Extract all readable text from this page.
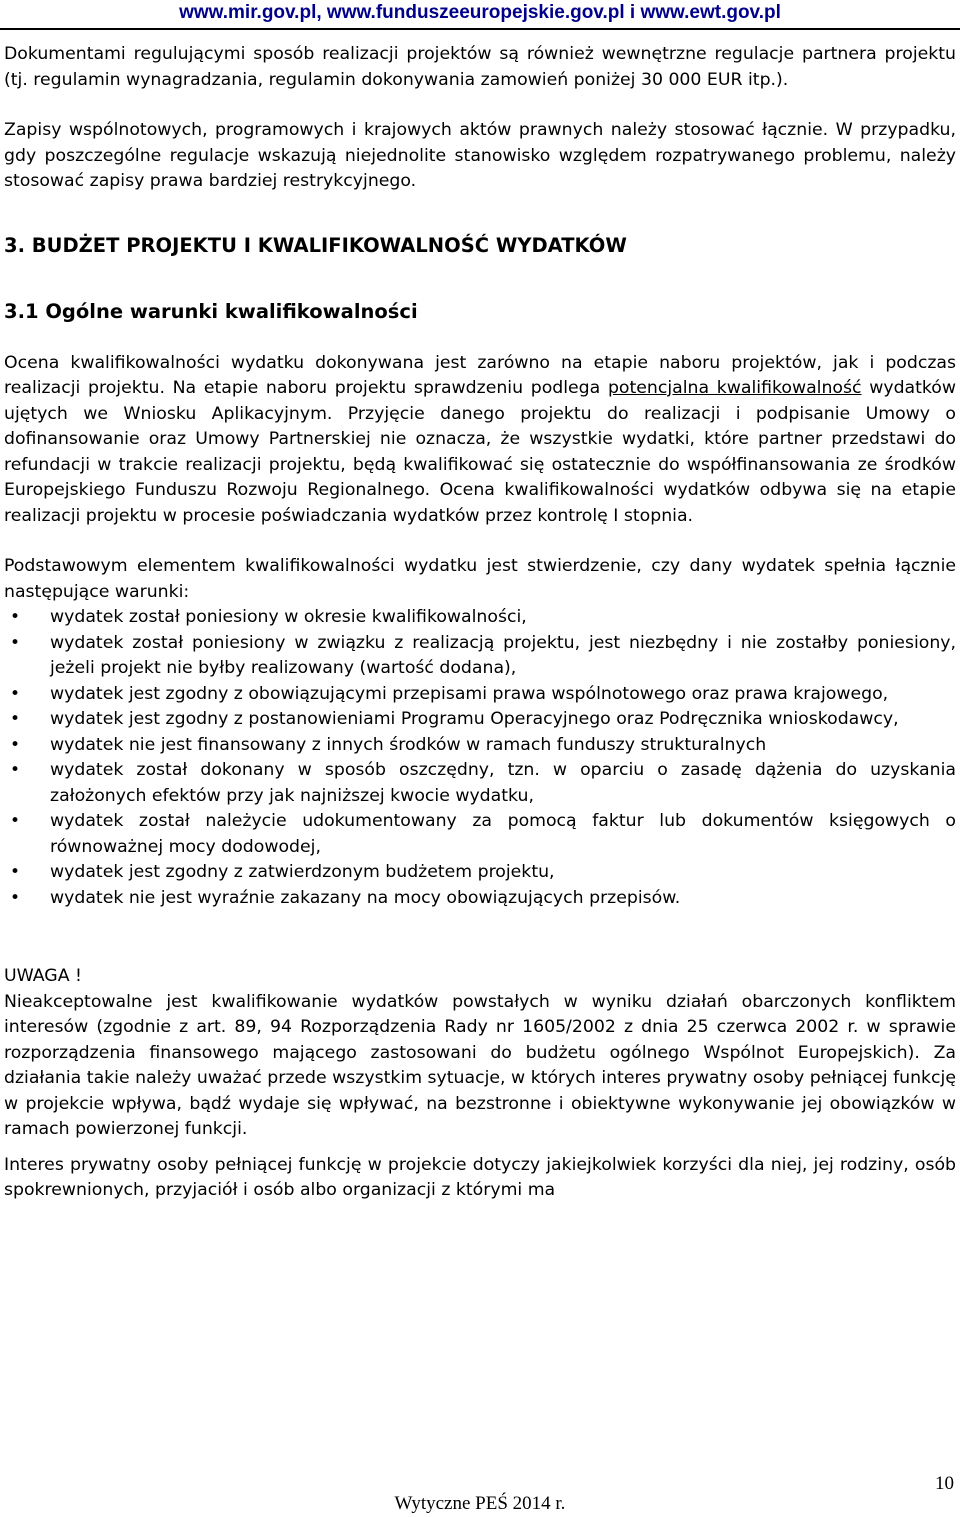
www.mir.gov.pl, www.funduszeeuropejskie.gov.pl i www.ewt.gov.pl

Dokumentami regulującymi sposób realizacji projektów są również wewnętrzne regulacje partnera projektu (tj. regulamin wynagradzania, regulamin dokonywania zamowień poniżej 30 000 EUR itp.).

Zapisy wspólnotowych, programowych i krajowych aktów prawnych należy stosować łącznie. W przypadku, gdy poszczególne regulacje wskazują niejednolite stanowisko względem rozpatrywanego problemu, należy stosować zapisy prawa bardziej restrykcyjnego.

3. BUDŻET PROJEKTU I KWALIFIKOWALNOŚĆ WYDATKÓW
3.1 Ogólne warunki kwalifikowalności

Ocena kwalifikowalności wydatku dokonywana jest zarówno na etapie naboru projektów, jak i podczas realizacji projektu. Na etapie naboru projektu sprawdzeniu podlega potencjalna kwalifikowalność wydatków ujętych we Wniosku Aplikacyjnym. Przyjęcie danego projektu do realizacji i podpisanie Umowy o dofinansowanie oraz Umowy Partnerskiej nie oznacza, że wszystkie wydatki, które partner przedstawi do refundacji w trakcie realizacji projektu, będą kwalifikować się ostatecznie do współfinansowania ze środków Europejskiego Funduszu Rozwoju Regionalnego. Ocena kwalifikowalności wydatków odbywa się na etapie realizacji projektu w procesie poświadczania wydatków przez kontrolę I stopnia.

Podstawowym elementem kwalifikowalności wydatku jest stwierdzenie, czy dany wydatek spełnia łącznie następujące warunki:

• wydatek został poniesiony w okresie kwalifikowalności,
• wydatek został poniesiony w związku z realizacją projektu, jest niezbędny i nie zostałby poniesiony, jeżeli projekt nie byłby realizowany (wartość dodana),
• wydatek jest zgodny z obowiązującymi przepisami prawa wspólnotowego oraz prawa krajowego,
• wydatek jest zgodny z postanowieniami Programu Operacyjnego oraz Podręcznika wnioskodawcy,
• wydatek nie jest finansowany z innych środków w ramach funduszy strukturalnych
• wydatek został dokonany w sposób oszczędny, tzn. w oparciu o zasadę dążenia do uzyskania założonych efektów przy jak najniższej kwocie wydatku,
• wydatek został należycie udokumentowany za pomocą faktur lub dokumentów księgowych o równoważnej mocy dodowodej,
• wydatek jest zgodny z zatwierdzonym budżetem projektu,
• wydatek nie jest wyraźnie zakazany na mocy obowiązujących przepisów.

UWAGA !

Nieakceptowalne jest kwalifikowanie wydatków powstałych w wyniku działań obarczonych konfliktem interesów (zgodnie z art. 89, 94 Rozporządzenia Rady nr 1605/2002 z dnia 25 czerwca 2002 r. w sprawie rozporządzenia finansowego mającego zastosowani do budżetu ogólnego Wspólnot Europejskich). Za działania takie należy uważać przede wszystkim sytuacje, w których interes prywatny osoby pełniącej funkcję w projekcie wpływa, bądź wydaje się wpływać, na bezstronne i obiektywne wykonywanie jej obowiązków w ramach powierzonej funkcji.

Interes prywatny osoby pełniącej funkcję w projekcie dotyczy jakiejkolwiek korzyści dla niej, jej rodziny, osób spokrewnionych, przyjaciół i osób albo organizacji z którymi ma

10
Wytyczne PEŚ 2014 r.
